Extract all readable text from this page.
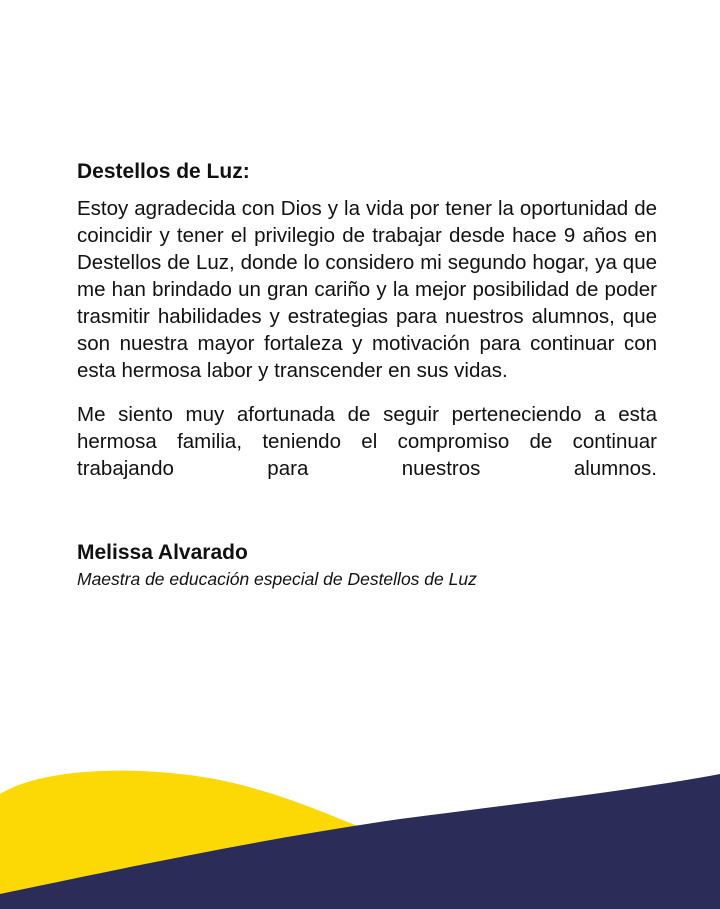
Destellos de Luz:

Estoy agradecida con Dios y la vida por tener la oportunidad de coincidir y tener el privilegio de trabajar desde hace 9 años en Destellos de Luz, donde lo considero mi segundo hogar, ya que me han brindado un gran cariño y la mejor posibilidad de poder trasmitir habilidades y estrategias para nuestros alumnos, que son nuestra mayor fortaleza y motivación para continuar con esta hermosa labor y transcender en sus vidas.

Me siento muy afortunada de seguir perteneciendo a esta hermosa familia, teniendo el compromiso de continuar trabajando para nuestros alumnos.

Melissa Alvarado
Maestra de educación especial de Destellos de Luz
